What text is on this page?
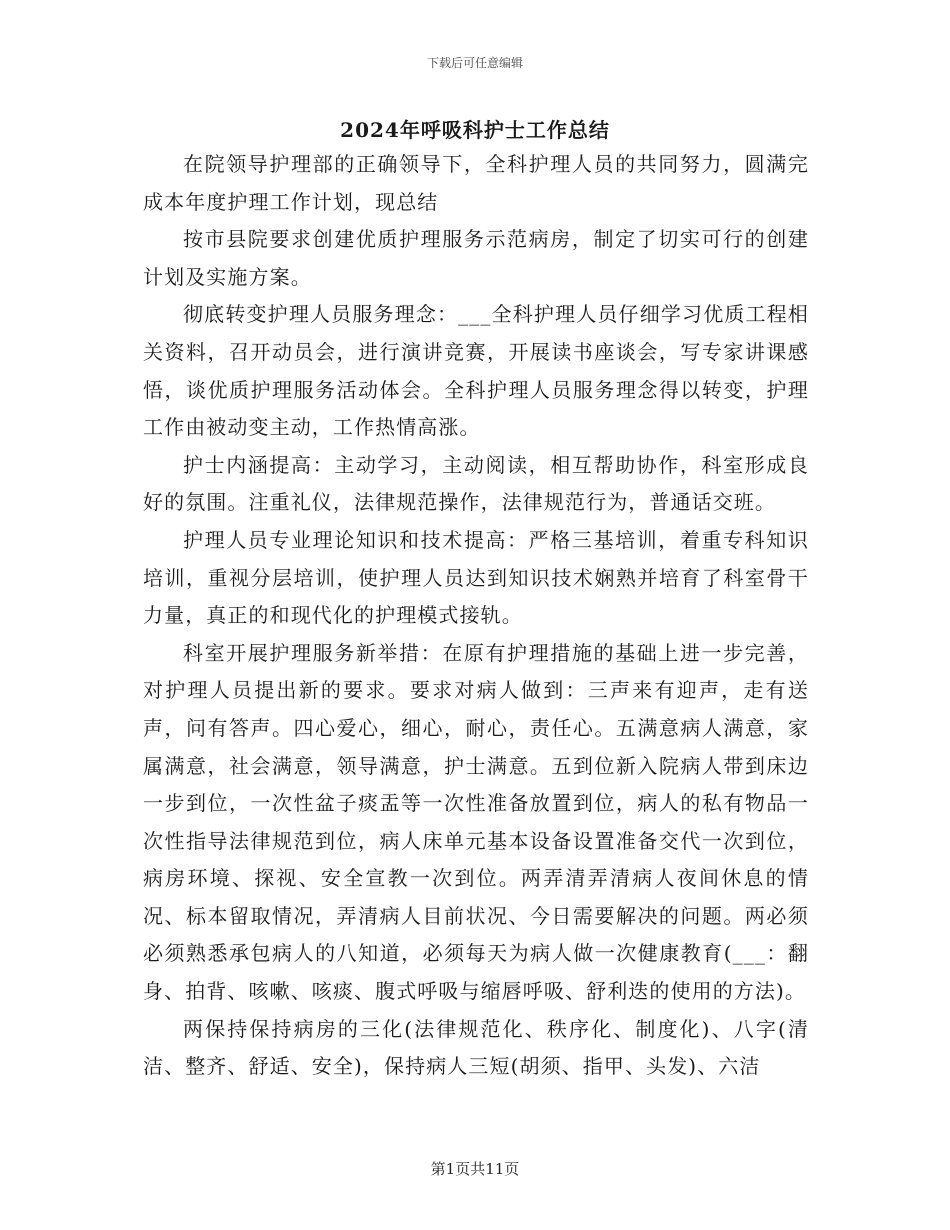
下载后可任意编辑
2024年呼吸科护士工作总结

在院领导护理部的正确领导下，全科护理人员的共同努力，圆满完成本年度护理工作计划，现总结

按市县院要求创建优质护理服务示范病房，制定了切实可行的创建计划及实施方案。

彻底转变护理人员服务理念：___全科护理人员仔细学习优质工程相关资料，召开动员会，进行演讲竞赛，开展读书座谈会，写专家讲课感悟，谈优质护理服务活动体会。全科护理人员服务理念得以转变，护理工作由被动变主动，工作热情高涨。

护士内涵提高：主动学习，主动阅读，相互帮助协作，科室形成良好的氛围。注重礼仪，法律规范操作，法律规范行为，普通话交班。

护理人员专业理论知识和技术提高：严格三基培训，着重专科知识培训，重视分层培训，使护理人员达到知识技术娴熟并培育了科室骨干力量，真正的和现代化的护理模式接轨。

科室开展护理服务新举措：在原有护理措施的基础上进一步完善，对护理人员提出新的要求。要求对病人做到：三声来有迎声，走有送声，问有答声。四心爱心，细心，耐心，责任心。五满意病人满意，家属满意，社会满意，领导满意，护士满意。五到位新入院病人带到床边一步到位，一次性盆子痰盂等一次性准备放置到位，病人的私有物品一次性指导法律规范到位，病人床单元基本设备设置准备交代一次到位，病房环境、探视、安全宣教一次到位。两弄清弄清病人夜间休息的情况、标本留取情况，弄清病人目前状况、今日需要解决的问题。两必须必须熟悉承包病人的八知道，必须每天为病人做一次健康教育(___：翻身、拍背、咳嗽、咳痰、腹式呼吸与缩唇呼吸、舒利迭的使用的方法)。

两保持保持病房的三化(法律规范化、秩序化、制度化)、八字(清洁、整齐、舒适、安全)，保持病人三短(胡须、指甲、头发)、六洁

第1页共11页
